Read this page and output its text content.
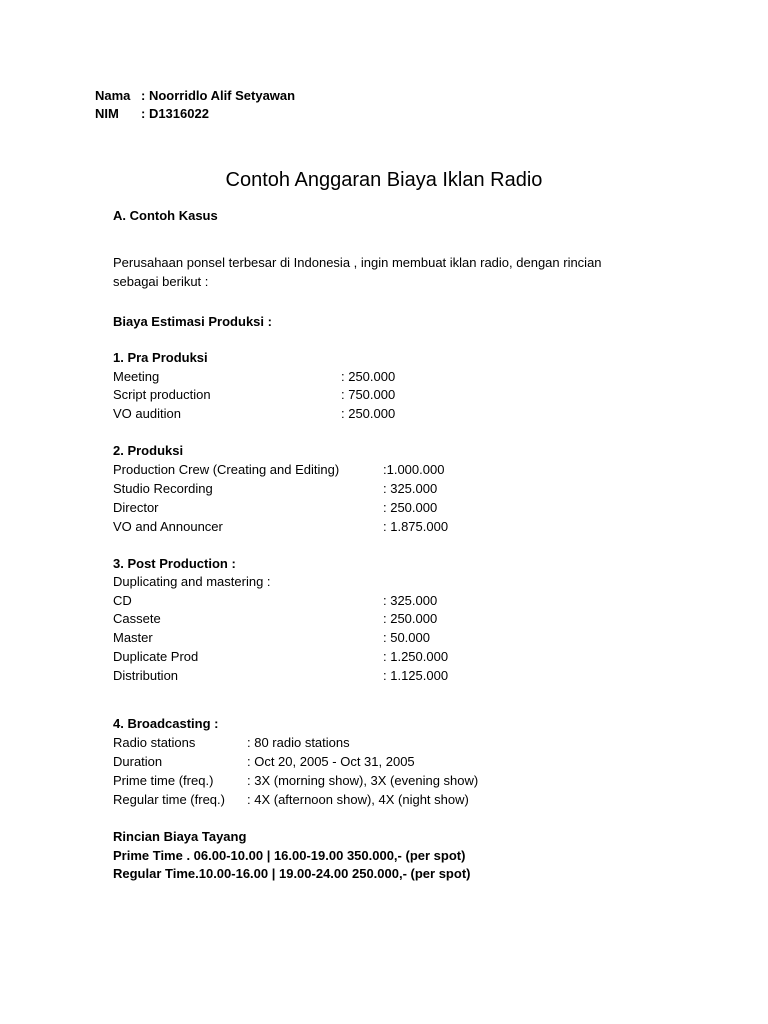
Nama : Noorridlo Alif Setyawan
NIM : D1316022
Contoh Anggaran Biaya Iklan Radio
A. Contoh Kasus
Perusahaan ponsel terbesar di Indonesia , ingin membuat iklan radio, dengan rincian
sebagai berikut :
Biaya Estimasi Produksi :
1. Pra Produksi
Meeting	: 250.000
Script production	: 750.000
VO audition	: 250.000
2. Produksi
Production Crew (Creating and Editing)	:1.000.000
Studio Recording	: 325.000
Director	: 250.000
VO and Announcer	: 1.875.000
3. Post Production :
Duplicating and mastering :
CD	: 325.000
Cassete	: 250.000
Master	: 50.000
Duplicate Prod	: 1.250.000
Distribution	: 1.125.000
4. Broadcasting :
Radio stations	: 80 radio stations
Duration	: Oct 20, 2005 - Oct 31, 2005
Prime time (freq.)	: 3X (morning show), 3X (evening show)
Regular time (freq.) : 4X (afternoon show), 4X (night show)
Rincian Biaya Tayang
Prime Time . 06.00-10.00 | 16.00-19.00 350.000,- (per spot)
Regular Time.10.00-16.00 | 19.00-24.00 250.000,- (per spot)
